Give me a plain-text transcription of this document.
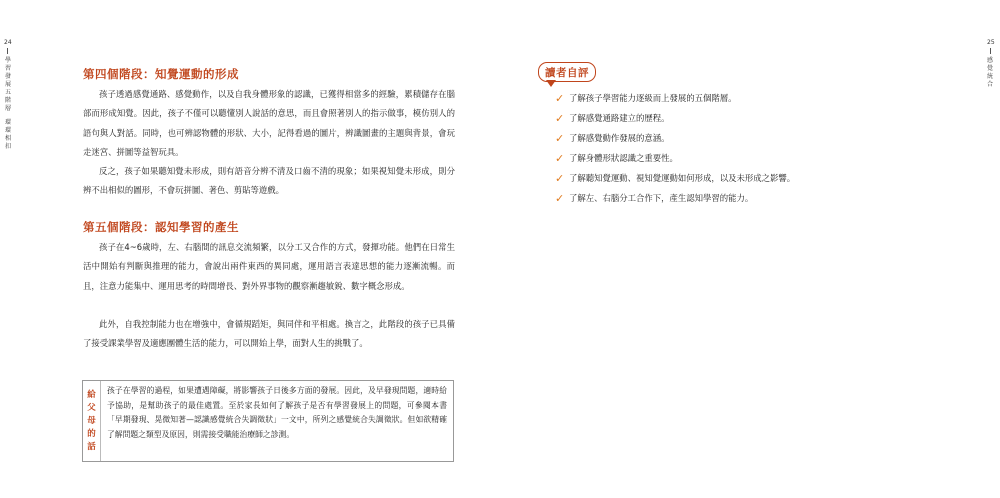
24
學
習
發
展
五
階
層
環
環
相
扣
25
感
覺
統
合
第四個階段：知覺運動的形成

孩子透過感覺通路、感覺動作，以及自我身體形象的認識，已獲得相當多的經驗，累積儲存在腦部而形成知覺。因此，孩子不僅可以聽懂別人說話的意思，而且會照著別人的指示做事，模仿別人的語句與人對話。同時，也可辨認物體的形狀、大小，記得看過的圖片，辨識圖畫的主題與背景，會玩走迷宮、拼圖等益智玩具。

反之，孩子如果聽知覺未形成，則有語音分辨不清及口齒不清的現象；如果視知覺未形成，則分辨不出相似的圖形，不會玩拼圖、著色、剪貼等遊戲。

第五個階段：認知學習的產生

孩子在4~6歲時，左、右腦間的訊息交流頻繁，以分工又合作的方式，發揮功能。他們在日常生活中開始有判斷與推理的能力，會說出兩件東西的異同處，運用語言表達思想的能力逐漸流暢。而且，注意力能集中、運用思考的時間增長、對外界事物的觀察漸趨敏銳、數字概念形成。

此外，自我控制能力也在增強中，會循規蹈矩，與同伴和平相處。換言之，此階段的孩子已具備了接受課業學習及適應團體生活的能力，可以開始上學，面對人生的挑戰了。

給
父
母
的
話

孩子在學習的過程，如果遭遇障礙，將影響孩子日後多方面的發展。因此，及早發現問題，適時給予協助，是幫助孩子的最佳處置。至於家長如何了解孩子是否有學習發展上的問題，可參閱本書「早期發現、晃微知著—認識感覺統合失調徵狀」一文中，所列之感覺統合失調徵狀。但如欲精確了解問題之類型及原因，則需接受職能治療師之診測。

讀者自評
✓ 了解孩子學習能力逐級而上發展的五個階層。
✓ 了解感覺通路建立的歷程。
✓ 了解感覺動作發展的意涵。
✓ 了解身體形狀認識之重要性。
✓ 了解聽知覺運動、視知覺運動如何形成，以及未形成之影響。
✓ 了解左、右腦分工合作下，產生認知學習的能力。
